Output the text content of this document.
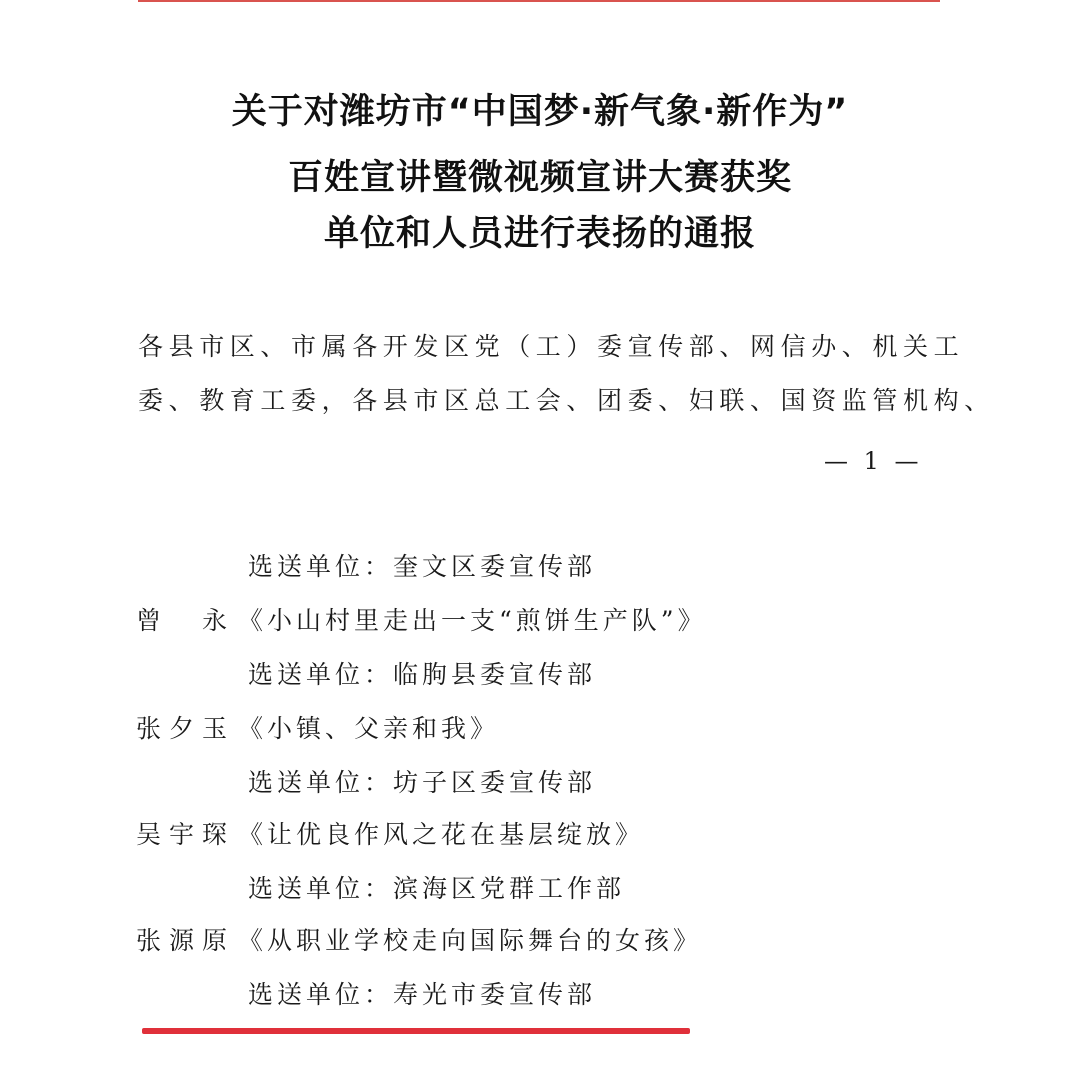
关于对潍坊市“中国梦·新气象·新作为”
百姓宣讲暨微视频宣讲大赛获奖
单位和人员进行表扬的通报
各县市区、市属各开发区党（工）委宣传部、网信办、机关工
委、教育工委，各县市区总工会、团委、妇联、国资监管机构、
— 1 —
选送单位：奎文区委宣传部
曾　永 《小山村里走出一支“煎饼生产队”》
选送单位：临朐县委宣传部
张夕玉 《小镇、父亲和我》
选送单位：坊子区委宣传部
吴宇琛 《让优良作风之花在基层绽放》
选送单位：滨海区党群工作部
张源原 《从职业学校走向国际舞台的女孩》
选送单位：寿光市委宣传部
